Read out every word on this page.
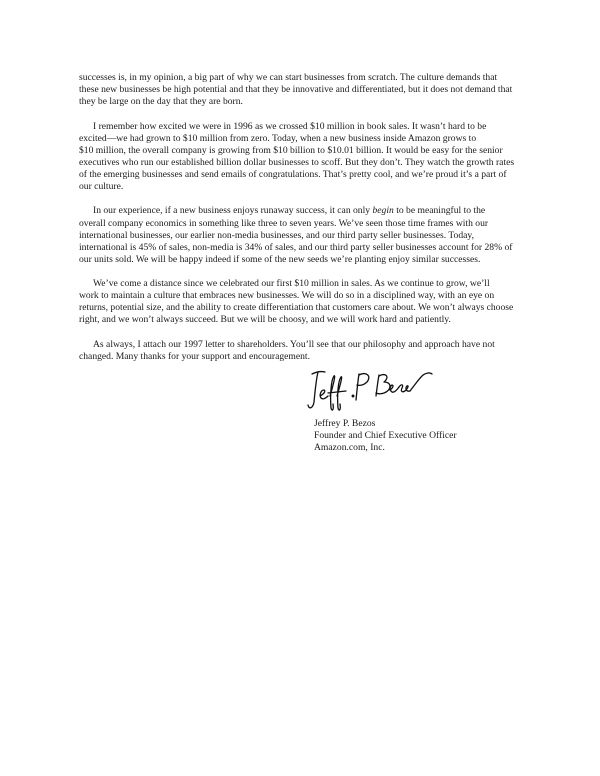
successes is, in my opinion, a big part of why we can start businesses from scratch. The culture demands that
these new businesses be high potential and that they be innovative and differentiated, but it does not demand that
they be large on the day that they are born.

I remember how excited we were in 1996 as we crossed $10 million in book sales. It wasn’t hard to be
excited—we had grown to $10 million from zero. Today, when a new business inside Amazon grows to
$10 million, the overall company is growing from $10 billion to $10.01 billion. It would be easy for the senior
executives who run our established billion dollar businesses to scoff. But they don’t. They watch the growth rates
of the emerging businesses and send emails of congratulations. That’s pretty cool, and we’re proud it’s a part of
our culture.

In our experience, if a new business enjoys runaway success, it can only begin to be meaningful to the
overall company economics in something like three to seven years. We’ve seen those time frames with our
international businesses, our earlier non-media businesses, and our third party seller businesses. Today,
international is 45% of sales, non-media is 34% of sales, and our third party seller businesses account for 28% of
our units sold. We will be happy indeed if some of the new seeds we’re planting enjoy similar successes.

We’ve come a distance since we celebrated our first $10 million in sales. As we continue to grow, we’ll
work to maintain a culture that embraces new businesses. We will do so in a disciplined way, with an eye on
returns, potential size, and the ability to create differentiation that customers care about. We won’t always choose
right, and we won’t always succeed. But we will be choosy, and we will work hard and patiently.

As always, I attach our 1997 letter to shareholders. You’ll see that our philosophy and approach have not
changed. Many thanks for your support and encouragement.

Jeffrey P. Bezos
Founder and Chief Executive Officer
Amazon.com, Inc.
